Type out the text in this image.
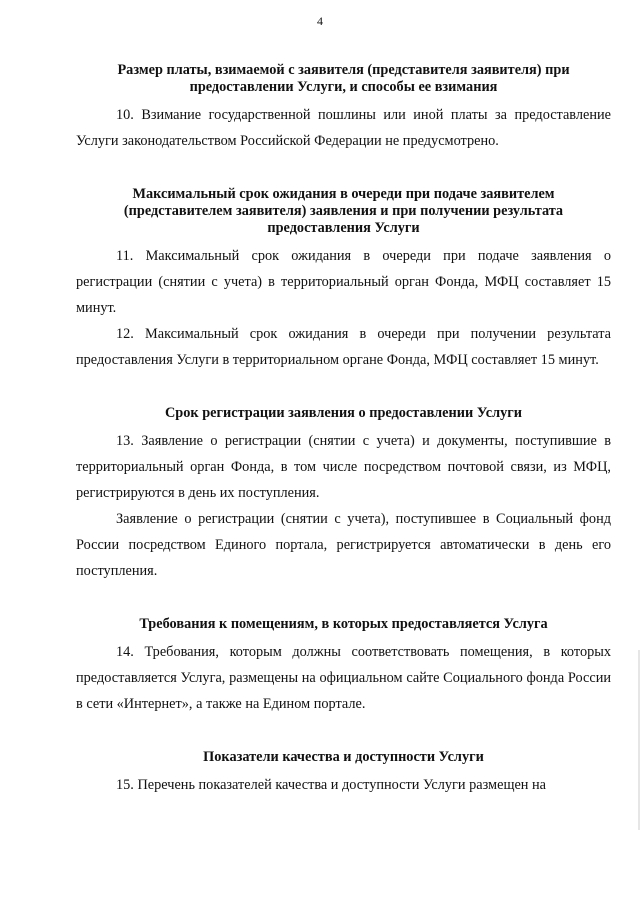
4

Размер платы, взимаемой с заявителя (представителя заявителя) при
предоставлении Услуги, и способы ее взимания

10. Взимание государственной пошлины или иной платы за предоставление Услуги законодательством Российской Федерации не предусмотрено.

Максимальный срок ожидания в очереди при подаче заявителем
(представителем заявителя) заявления и при получении результата
предоставления Услуги

11. Максимальный срок ожидания в очереди при подаче заявления о регистрации (снятии с учета) в территориальный орган Фонда, МФЦ составляет 15 минут.

12. Максимальный срок ожидания в очереди при получении результата предоставления Услуги в территориальном органе Фонда, МФЦ составляет 15 минут.

Срок регистрации заявления о предоставлении Услуги

13. Заявление о регистрации (снятии с учета) и документы, поступившие в территориальный орган Фонда, в том числе посредством почтовой связи, из МФЦ, регистрируются в день их поступления.

Заявление о регистрации (снятии с учета), поступившее в Социальный фонд России посредством Единого портала, регистрируется автоматически в день его поступления.

Требования к помещениям, в которых предоставляется Услуга

14. Требования, которым должны соответствовать помещения, в которых предоставляется Услуга, размещены на официальном сайте Социального фонда России в сети «Интернет», а также на Едином портале.

Показатели качества и доступности Услуги

15. Перечень показателей качества и доступности Услуги размещен на
